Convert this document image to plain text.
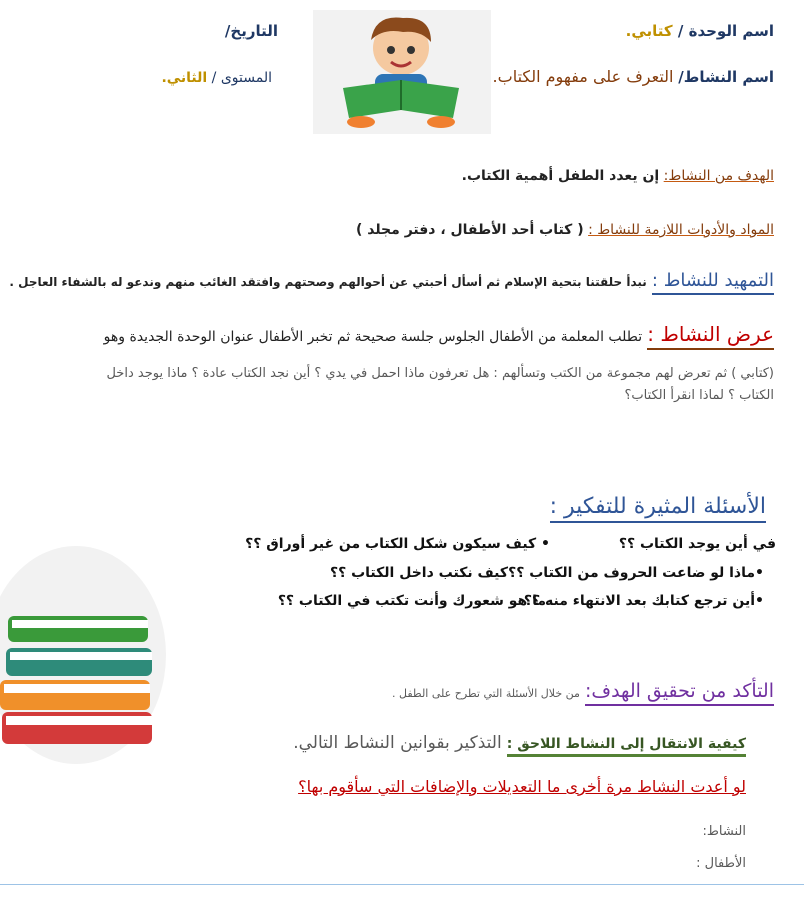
اسم الوحدة / كتابي.
التاريخ/
اسم النشاط/ التعرف على مفهوم الكتاب.
المستوى / الثاني.
الهدف من النشاط: إن يعدد الطفل أهمية الكتاب.
المواد والأدوات اللازمة للنشاط : ( كتاب أحد الأطفال ، دفتر مجلد )
التمهيد للنشاط : نبدأ حلقتنا بتحية الإسلام ثم أسأل أحبتي عن أحوالهم وصحتهم وافتقد الغائب منهم وندعو له بالشفاء العاجل .
عرض النشاط : تطلب المعلمة من الأطفال الجلوس جلسة صحيحة ثم تخبر الأطفال عنوان الوحدة الجديدة وهو
(كتابي ) ثم تعرض لهم مجموعة من الكتب وتسألهم : هل تعرفون ماذا احمل في يدي ؟ أين نجد الكتاب عادة ؟ ماذا يوجد داخل
الكتاب ؟ لماذا انقرأ الكتاب؟
الأسئلة المثيرة للتفكير :
في أين يوجد الكتاب ؟؟
• كيف سيكون شكل الكتاب من غير أوراق ؟؟
•ماذا لو ضاعت الحروف من الكتاب ؟؟
كيف نكتب داخل الكتاب ؟؟
•أين ترجع كتابك بعد الانتهاء منه ؟؟
ما هو شعورك وأنت تكتب في الكتاب ؟؟
التأكد من تحقيق الهدف: من خلال الأسئلة التي تطرح على الطفل .
كيفية الانتقال إلى النشاط اللاحق : التذكير بقوانين النشاط التالي.
لو أعدت النشاط مرة أخرى ما التعديلات والإضافات التي سأقوم بها؟
النشاط:
الأطفال :
